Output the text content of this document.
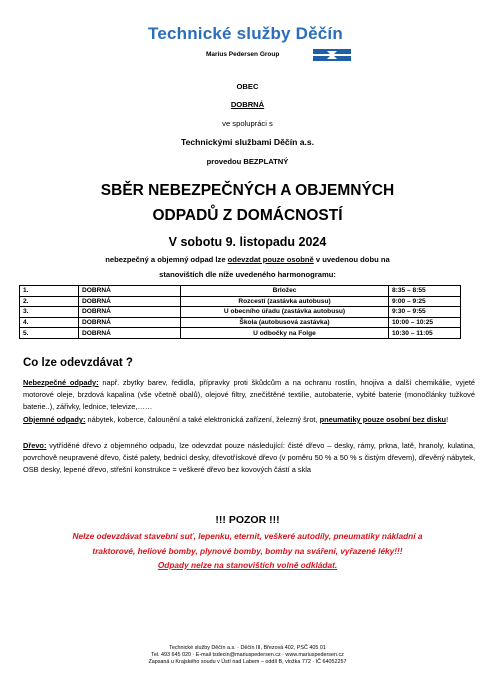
Technické služby Děčín
Marius Pedersen Group
OBEC
DOBRNÁ
ve spolupráci s
Technickými službami Děčín a.s.
provedou BEZPLATNÝ
SBĚR NEBEZPEČNÝCH A OBJEMNÝCH
ODPADŮ Z DOMÁCNOSTÍ
V sobotu 9. listopadu 2024
nebezpečný a objemný odpad lze odevzdat pouze osobně v uvedenou dobu na
stanovištích dle níže uvedeného harmonogramu:
1.	DOBRNÁ	Brložec	8:35 – 8:55
2.	DOBRNÁ	Rozcestí (zastávka autobusu)	9:00 – 9:25
3.	DOBRNÁ	U obecního úřadu (zastávka autobusu)	9:30 – 9:55
4.	DOBRNÁ	Škola (autobusová zastávka)	10:00 – 10:25
5.	DOBRNÁ	U odbočky na Folge	10:30 – 11:05
Co lze odevzdávat ?
Nebezpečné odpady: např. zbytky barev, ředidla, přípravky proti škůdcům a na ochranu rostlin, hnojiva a další chemikálie, vyjeté motorové oleje, brzdová kapalina (vše včetně obalů), olejové filtry, znečištěné textilie, autobaterie, vybité baterie (monočlánky tužkové baterie..), zářivky, lednice, televize,……
Objemné odpady: nábytek, koberce, čalounění a také elektronická zařízení, železný šrot, pneumatiky pouze osobní bez disku!
Dřevo: vytříděné dřevo z objemného odpadu, lze odevzdat pouze následující: čisté dřevo – desky, rámy, prkna, latě, hranoly, kulatina, povrchově neupravené dřevo, čisté palety, bednicí desky, dřevotřískové dřevo (v poměru 50 % a 50 % s čistým dřevem), dřevěný nábytek, OSB desky, lepené dřevo, střešní konstrukce = veškeré dřevo bez kovových částí a skla
!!! POZOR !!!
Nelze odevzdávat stavební suť, lepenku, eternit, veškeré autodíly, pneumatiky nákladní a
traktorové, heliové bomby, plynové bomby, bomby na sváření, vyřazené léky!!!
Odpady nelze na stanovištích volně odkládat.
Technické služby Děčín a.s. · Děčín III, Březová 402, PSČ 405 01
Tel. 493 645 020 · E-mail tsdecin@mariuspedersen.cz · www.mariuspedersen.cz
Zapsaná u Krajského soudu v Ústí nad Labem – oddíl B, vložka 772 · IČ 64052257
